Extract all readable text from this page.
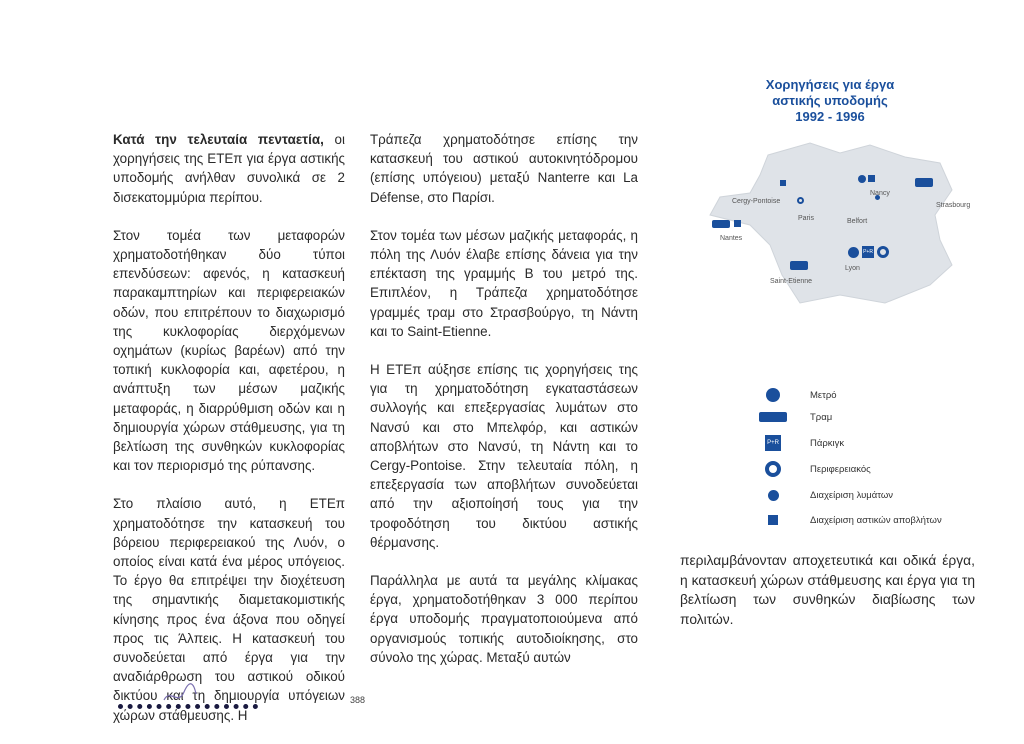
Κατά την τελευταία πενταετία, οι χορηγήσεις της ΕΤΕπ για έργα αστικής υποδομής ανήλθαν συνολικά σε 2 δισεκατομμύρια περίπου.

Στον τομέα των μεταφορών χρηματοδοτήθηκαν δύο τύποι επενδύσεων: αφενός, η κατασκευή παρακαμπτηρίων και περιφερειακών οδών, που επιτρέπουν το διαχωρισμό της κυκλοφορίας διερχόμενων οχημάτων (κυρίως βαρέων) από την τοπική κυκλοφορία και, αφετέρου, η ανάπτυξη των μέσων μαζικής μεταφοράς, η διαρρύθμιση οδών και η δημιουργία χώρων στάθμευσης, για τη βελτίωση της συνθηκών κυκλοφορίας και τον περιορισμό της ρύπανσης.

Στο πλαίσιο αυτό, η ΕΤΕπ χρηματοδότησε την κατασκευή του βόρειου περιφερειακού της Λυόν, ο οποίος είναι κατά ένα μέρος υπόγειος. Το έργο θα επιτρέψει την διοχέτευση της σημαντικής διαμετακομιστικής κίνησης προς ένα άξονα που οδηγεί προς τις Άλπεις. Η κατασκευή του συνοδεύεται από έργα για την αναδιάρθρωση του αστικού οδικού δικτύου και τη δημιουργία υπόγειων χώρων στάθμευσης. Η

Τράπεζα χρηματοδότησε επίσης την κατασκευή του αστικού αυτοκινητόδρομου (επίσης υπόγειου) μεταξύ Nanterre και La Défense, στο Παρίσι.

Στον τομέα των μέσων μαζικής μεταφοράς, η πόλη της Λυόν έλαβε επίσης δάνεια για την επέκταση της γραμμής Β του μετρό της. Επιπλέον, η Τράπεζα χρηματοδότησε γραμμές τραμ στο Στρασβούργο, τη Νάντη και το Saint-Etienne.

Η ΕΤΕπ αύξησε επίσης τις χορηγήσεις της για τη χρηματοδότηση εγκαταστάσεων συλλογής και επεξεργασίας λυμάτων στο Νανσύ και στο Μπελφόρ, και αστικών αποβλήτων στο Νανσύ, τη Νάντη και το Cergy-Pontoise. Στην τελευταία πόλη, η επεξεργασία των αποβλήτων συνοδεύεται από την αξιοποίησή τους για την τροφοδότηση του δικτύου αστικής θέρμανσης.

Παράλληλα με αυτά τα μεγάλης κλίμακας έργα, χρηματοδοτήθηκαν 3 000 περίπου έργα υποδομής πραγματοποιούμενα από οργανισμούς τοπικής αυτοδιοίκησης, στο σύνολο της χώρας. Μεταξύ αυτών

Χορηγήσεις για έργα
αστικής υποδομής
1992 - 1996
P+R
Cergy-Pontoise
Nancy
Strasbourg
Paris	Belfort
Nantes
Lyon
Saint-Etienne
Μετρό
Τραμ
P+R	Πάρκιγκ
Περιφερειακός
Διαχείριση λυμάτων
Διαχείριση αστικών αποβλήτων

περιλαμβάνονταν αποχετευτικά και οδικά έργα, η κατασκευή χώρων στάθμευσης και έργα για τη βελτίωση των συνθηκών διαβίωσης των πολιτών.

388
